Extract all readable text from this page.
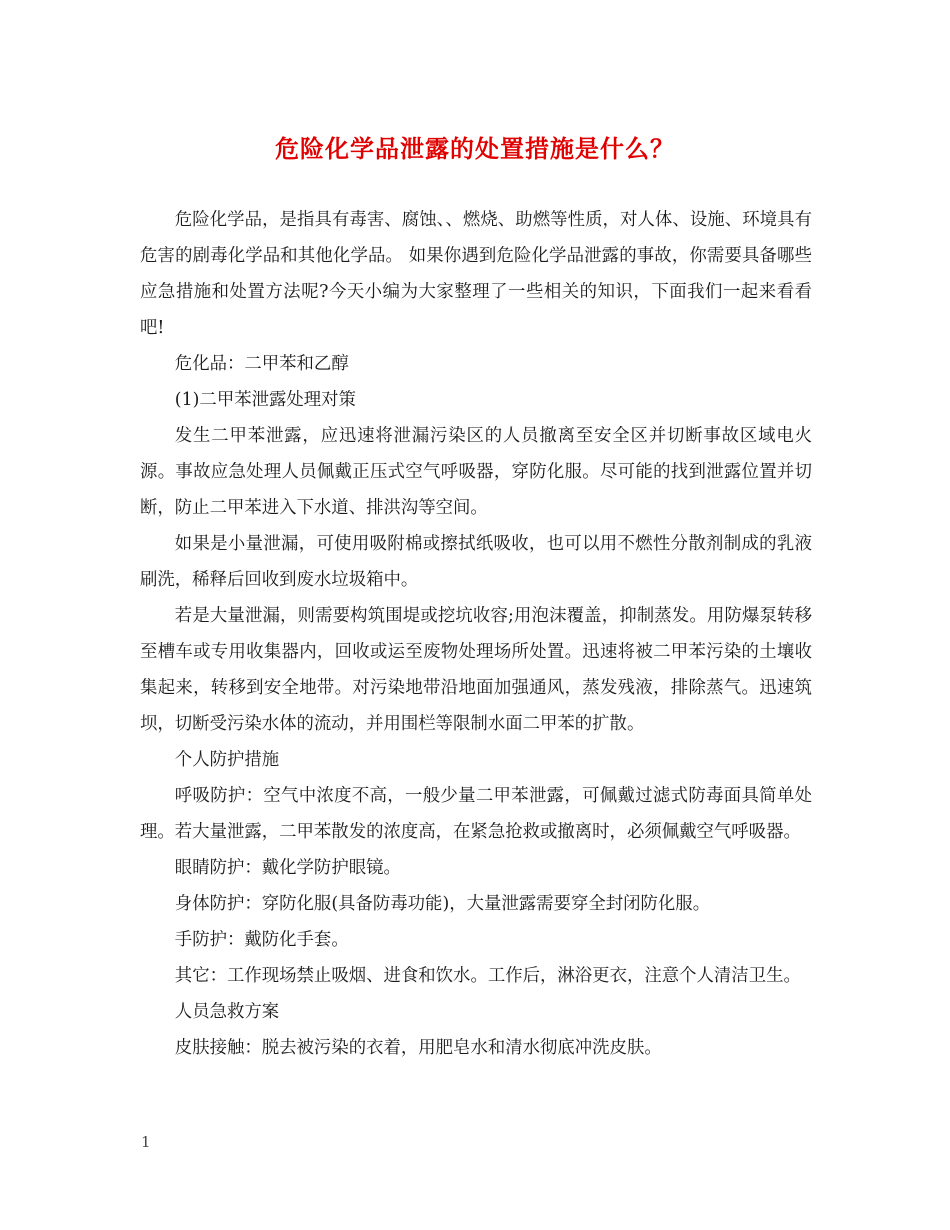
危险化学品泄露的处置措施是什么？

危险化学品，是指具有毒害、腐蚀、、燃烧、助燃等性质，对人体、设施、环境具有危害的剧毒化学品和其他化学品。 如果你遇到危险化学品泄露的事故，你需要具备哪些应急措施和处置方法呢?今天小编为大家整理了一些相关的知识，下面我们一起来看看吧!

危化品：二甲苯和乙醇

(1)二甲苯泄露处理对策

发生二甲苯泄露，应迅速将泄漏污染区的人员撤离至安全区并切断事故区域电火源。事故应急处理人员佩戴正压式空气呼吸器，穿防化服。尽可能的找到泄露位置并切断，防止二甲苯进入下水道、排洪沟等空间。

如果是小量泄漏，可使用吸附棉或擦拭纸吸收，也可以用不燃性分散剂制成的乳液刷洗，稀释后回收到废水垃圾箱中。

若是大量泄漏，则需要构筑围堤或挖坑收容;用泡沫覆盖，抑制蒸发。用防爆泵转移至槽车或专用收集器内，回收或运至废物处理场所处置。迅速将被二甲苯污染的土壤收集起来，转移到安全地带。对污染地带沿地面加强通风，蒸发残液，排除蒸气。迅速筑坝，切断受污染水体的流动，并用围栏等限制水面二甲苯的扩散。

个人防护措施

呼吸防护：空气中浓度不高，一般少量二甲苯泄露，可佩戴过滤式防毒面具简单处理。若大量泄露，二甲苯散发的浓度高，在紧急抢救或撤离时，必须佩戴空气呼吸器。

眼睛防护：戴化学防护眼镜。

身体防护：穿防化服(具备防毒功能)，大量泄露需要穿全封闭防化服。

手防护：戴防化手套。

其它：工作现场禁止吸烟、进食和饮水。工作后，淋浴更衣，注意个人清洁卫生。

人员急救方案

皮肤接触：脱去被污染的衣着，用肥皂水和清水彻底冲洗皮肤。

1
